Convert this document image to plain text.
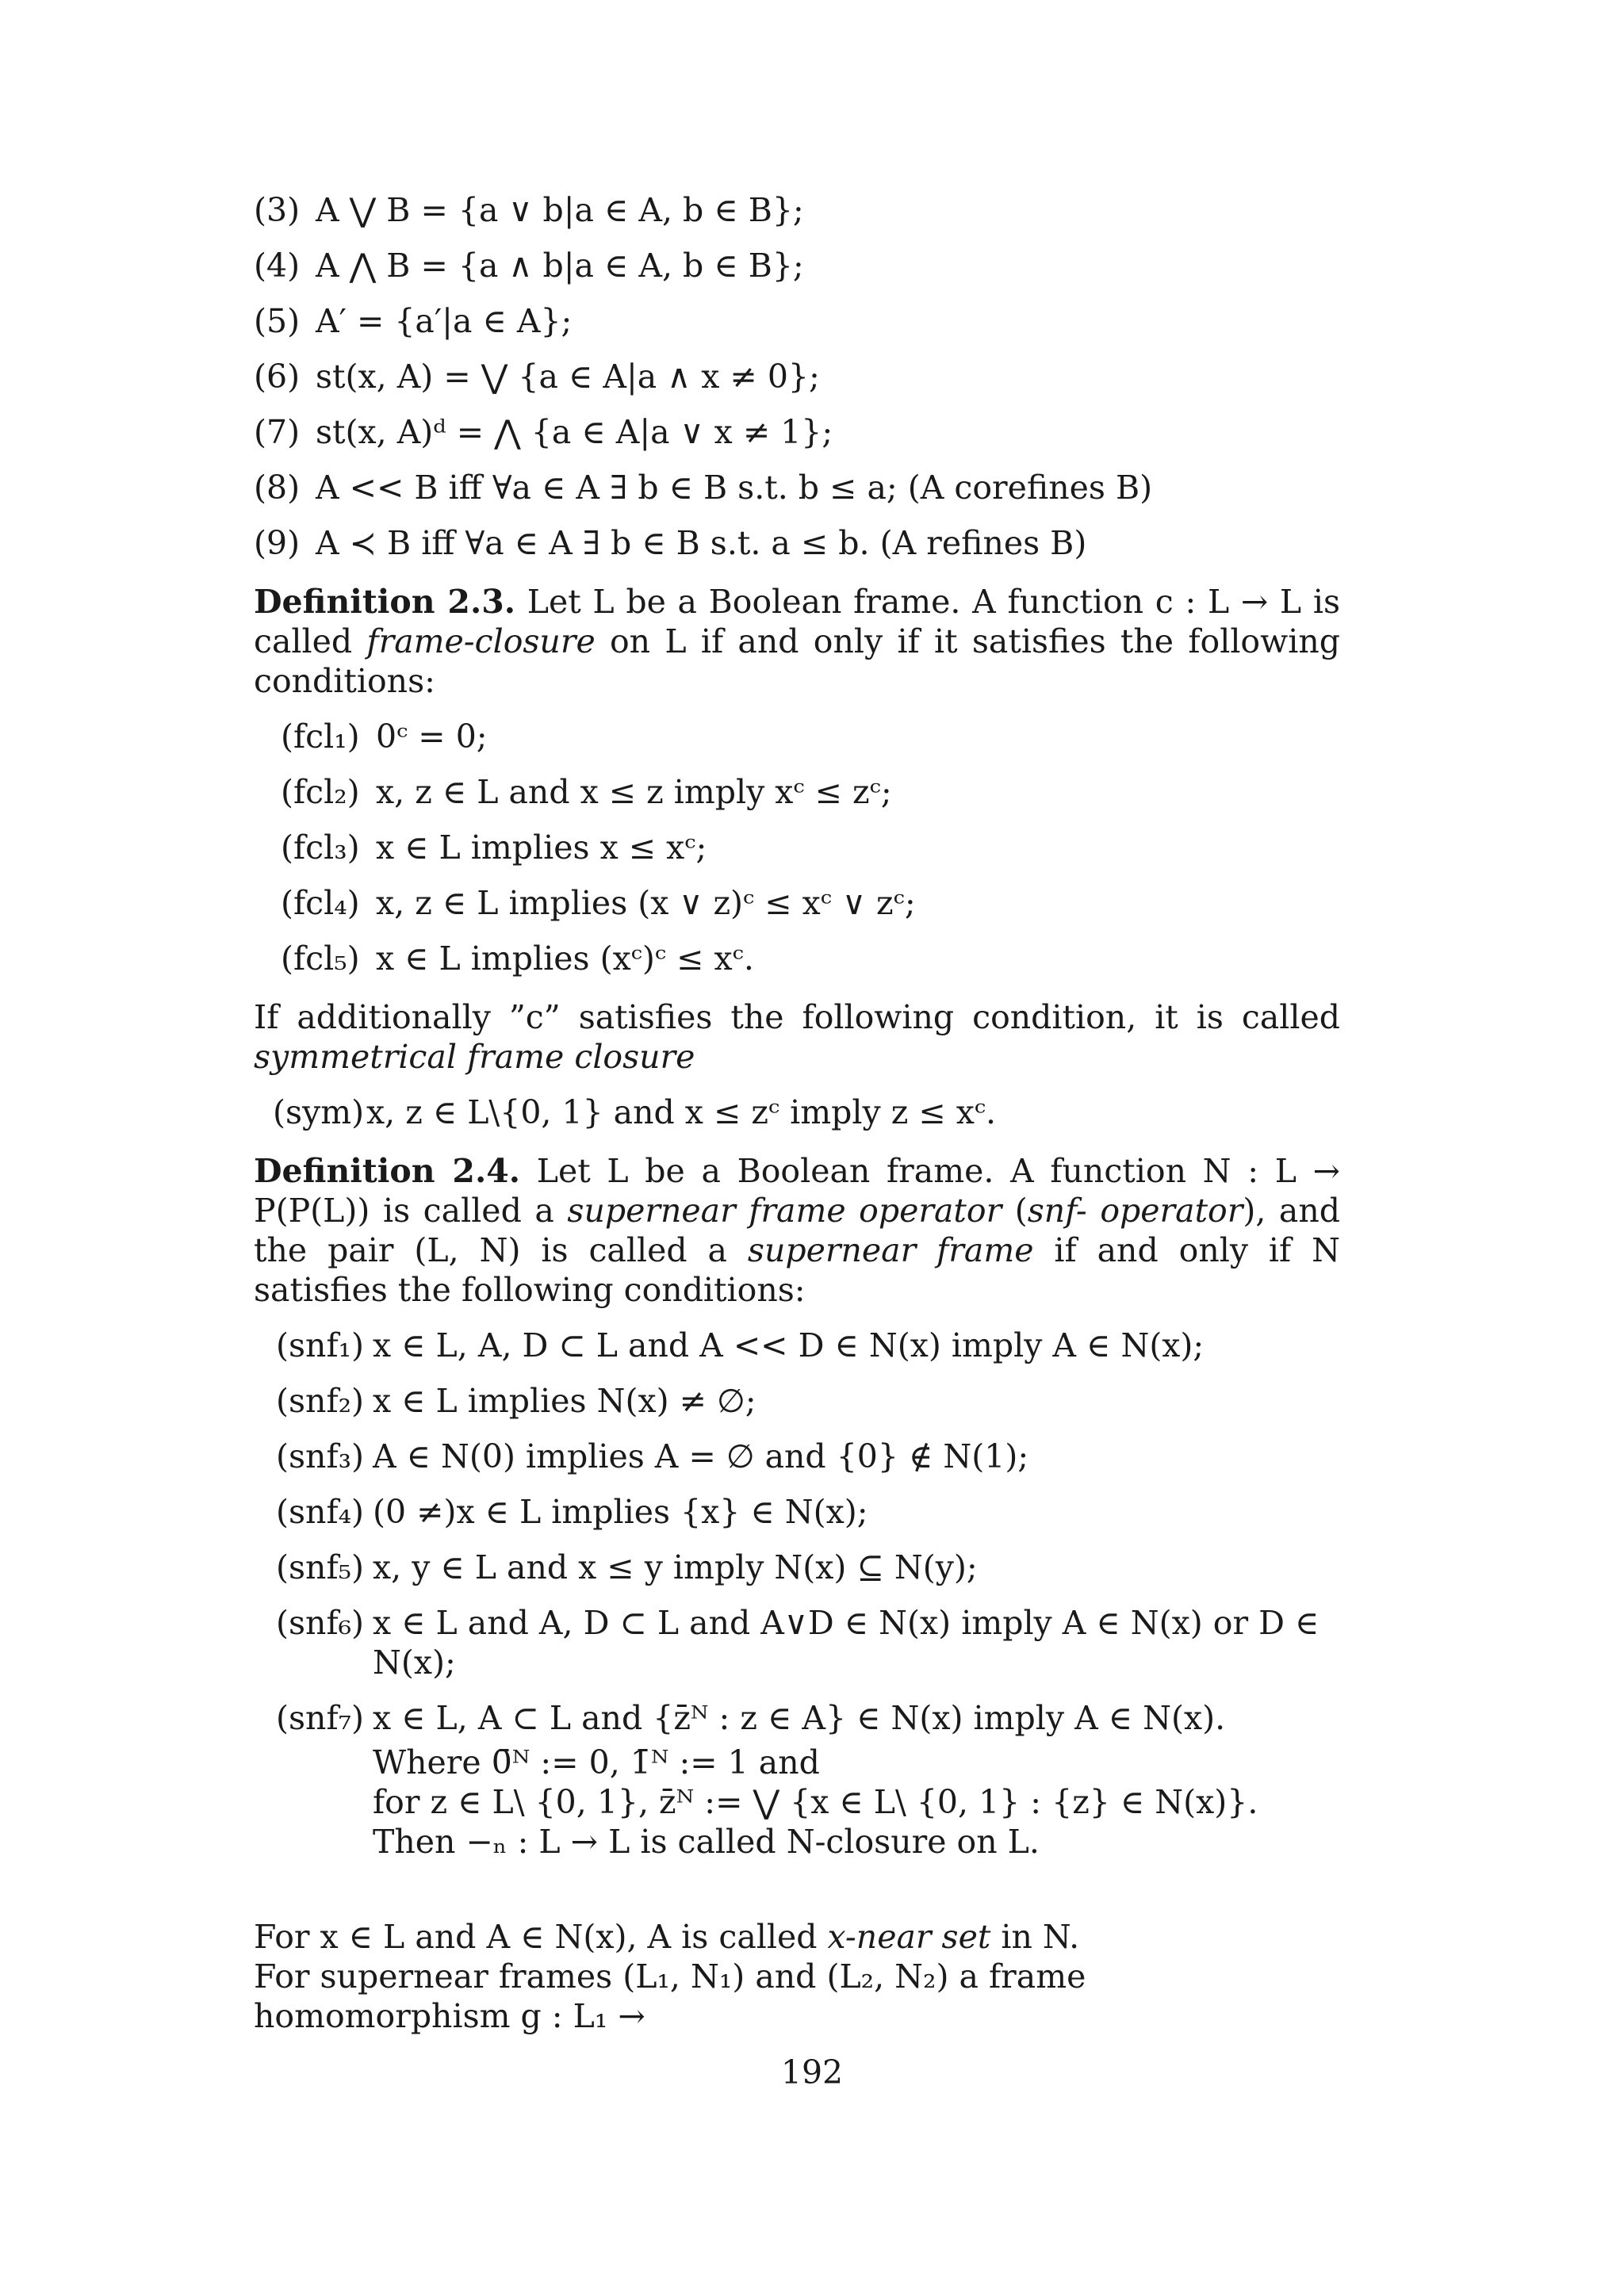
(3) A ⋁ B = {a ∨ b|a ∈ A, b ∈ B};
(4) A ⋀ B = {a ∧ b|a ∈ A, b ∈ B};
(5) A′ = {a′|a ∈ A};
(6) st(x, A) = ⋁ {a ∈ A|a ∧ x ≠ 0};
(7) st(x, A)ᵈ = ⋀ {a ∈ A|a ∨ x ≠ 1};
(8) A << B iff ∀a ∈ A ∃ b ∈ B s.t. b ≤ a; (A corefines B)
(9) A ≺ B iff ∀a ∈ A ∃ b ∈ B s.t. a ≤ b. (A refines B)

Definition 2.3. Let L be a Boolean frame. A function c : L → L is called frame-closure on L if and only if it satisfies the following conditions:

(fcl₁) 0ᶜ = 0;
(fcl₂) x, z ∈ L and x ≤ z imply xᶜ ≤ zᶜ;
(fcl₃) x ∈ L implies x ≤ xᶜ;
(fcl₄) x, z ∈ L implies (x ∨ z)ᶜ ≤ xᶜ ∨ zᶜ;
(fcl₅) x ∈ L implies (xᶜ)ᶜ ≤ xᶜ.

If additionally ”c” satisfies the following condition, it is called symmetrical frame closure

(sym) x, z ∈ L\{0, 1} and x ≤ zᶜ imply z ≤ xᶜ.

Definition 2.4. Let L be a Boolean frame. A function N : L → P(P(L)) is called a supernear frame operator (snf- operator), and the pair (L, N) is called a supernear frame if and only if N satisfies the following conditions:

(snf₁) x ∈ L, A, D ⊂ L and A << D ∈ N(x) imply A ∈ N(x);
(snf₂) x ∈ L implies N(x) ≠ ∅;
(snf₃) A ∈ N(0) implies A = ∅ and {0} ∉ N(1);
(snf₄) (0 ≠)x ∈ L implies {x} ∈ N(x);
(snf₅) x, y ∈ L and x ≤ y imply N(x) ⊆ N(y);
(snf₆) x ∈ L and A, D ⊂ L and A∨D ∈ N(x) imply A ∈ N(x) or D ∈ N(x);
(snf₇) x ∈ L, A ⊂ L and {z̄ᴺ : z ∈ A} ∈ N(x) imply A ∈ N(x).
Where 0̄ᴺ := 0, 1̄ᴺ := 1 and
for z ∈ L\ {0, 1}, z̄ᴺ := ⋁ {x ∈ L\ {0, 1} : {z} ∈ N(x)}.
Then −ₙ : L → L is called N-closure on L.
For x ∈ L and A ∈ N(x), A is called x-near set in N.
For supernear frames (L₁, N₁) and (L₂, N₂) a frame homomorphism g : L₁ →
192
